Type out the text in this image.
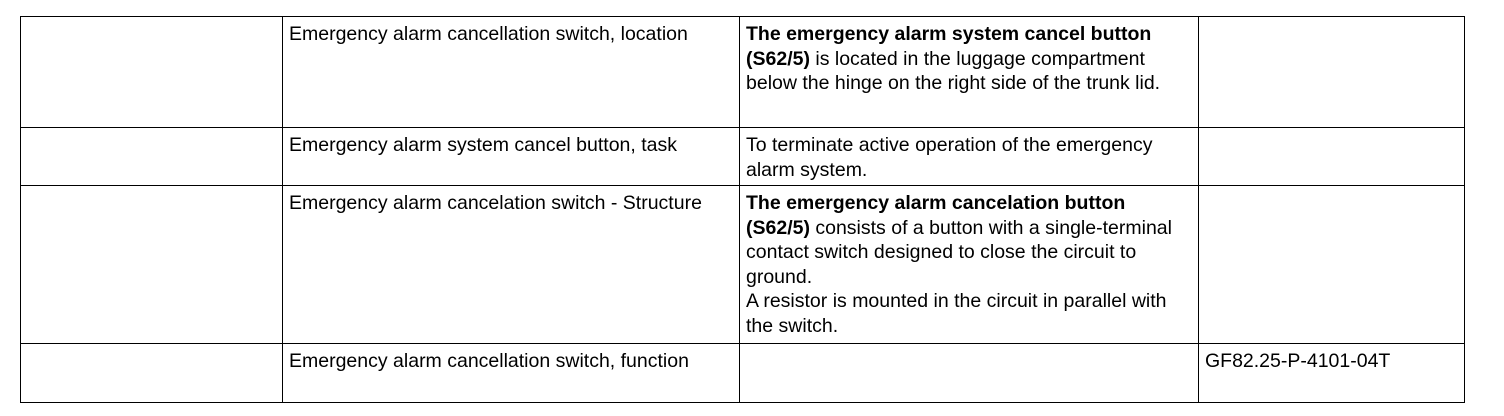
	Emergency alarm cancellation switch, location	The emergency alarm system cancel button (S62/5) is located in the luggage compartment below the hinge on the right side of the trunk lid.	
	Emergency alarm system cancel button, task	To terminate active operation of the emergency alarm system.	
	Emergency alarm cancelation switch - Structure	The emergency alarm cancelation button (S62/5) consists of a button with a single-terminal contact switch designed to close the circuit to ground.
A resistor is mounted in the circuit in parallel with the switch.	
	Emergency alarm cancellation switch, function		GF82.25-P-4101-04T
